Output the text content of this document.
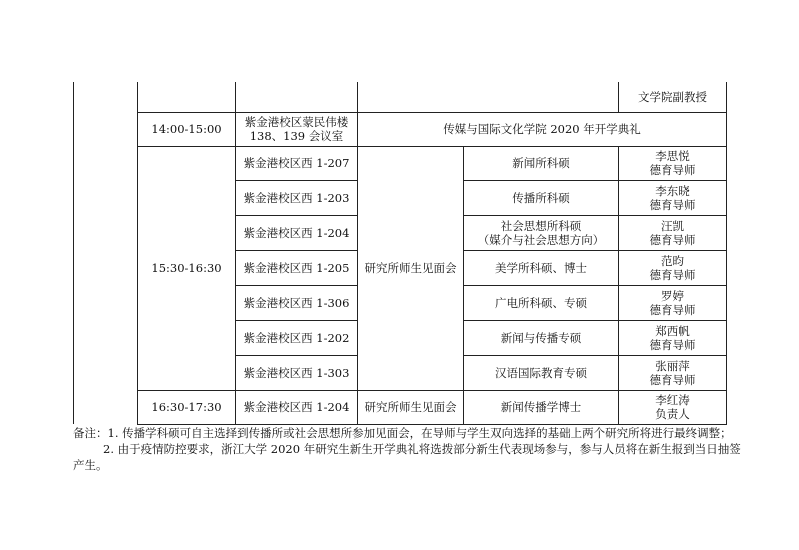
					文学院副教授
	14:00-15:00	紫金港校区蒙民伟楼
138、139 会议室	传媒与国际文化学院 2020 年开学典礼		
	15:30-16:30	紫金港校区西 1-207	研究所师生见面会	新闻所科硕	李思悦
德育导师

		紫金港校区西 1-203		传播所科硕	李东晓
德育导师

		紫金港校区西 1-204		社会思想所科硕
（媒介与社会思想方向）	汪凯
德育导师

		紫金港校区西 1-205		美学所科硕、博士	范昀
德育导师

		紫金港校区西 1-306		广电所科硕、专硕	罗婷
德育导师

		紫金港校区西 1-202		新闻与传播专硕	郑西帆
德育导师

		紫金港校区西 1-303		汉语国际教育专硕	张丽萍
德育导师

	16:30-17:30	紫金港校区西 1-204	研究所师生见面会	新闻传播学博士	李红涛
负责人
备注： 1.
传播学科硕可自主选择到传播所或社会思想所参加见面会，在导师与学生双向选择的基础上两个研究所将进行最终调整；
2.
由于疫情防控要求，浙江大学 2020 年研究生新生开学典礼将选拨部分新生代表现场参与，参与人员将在新生报到当日抽签
产生。
